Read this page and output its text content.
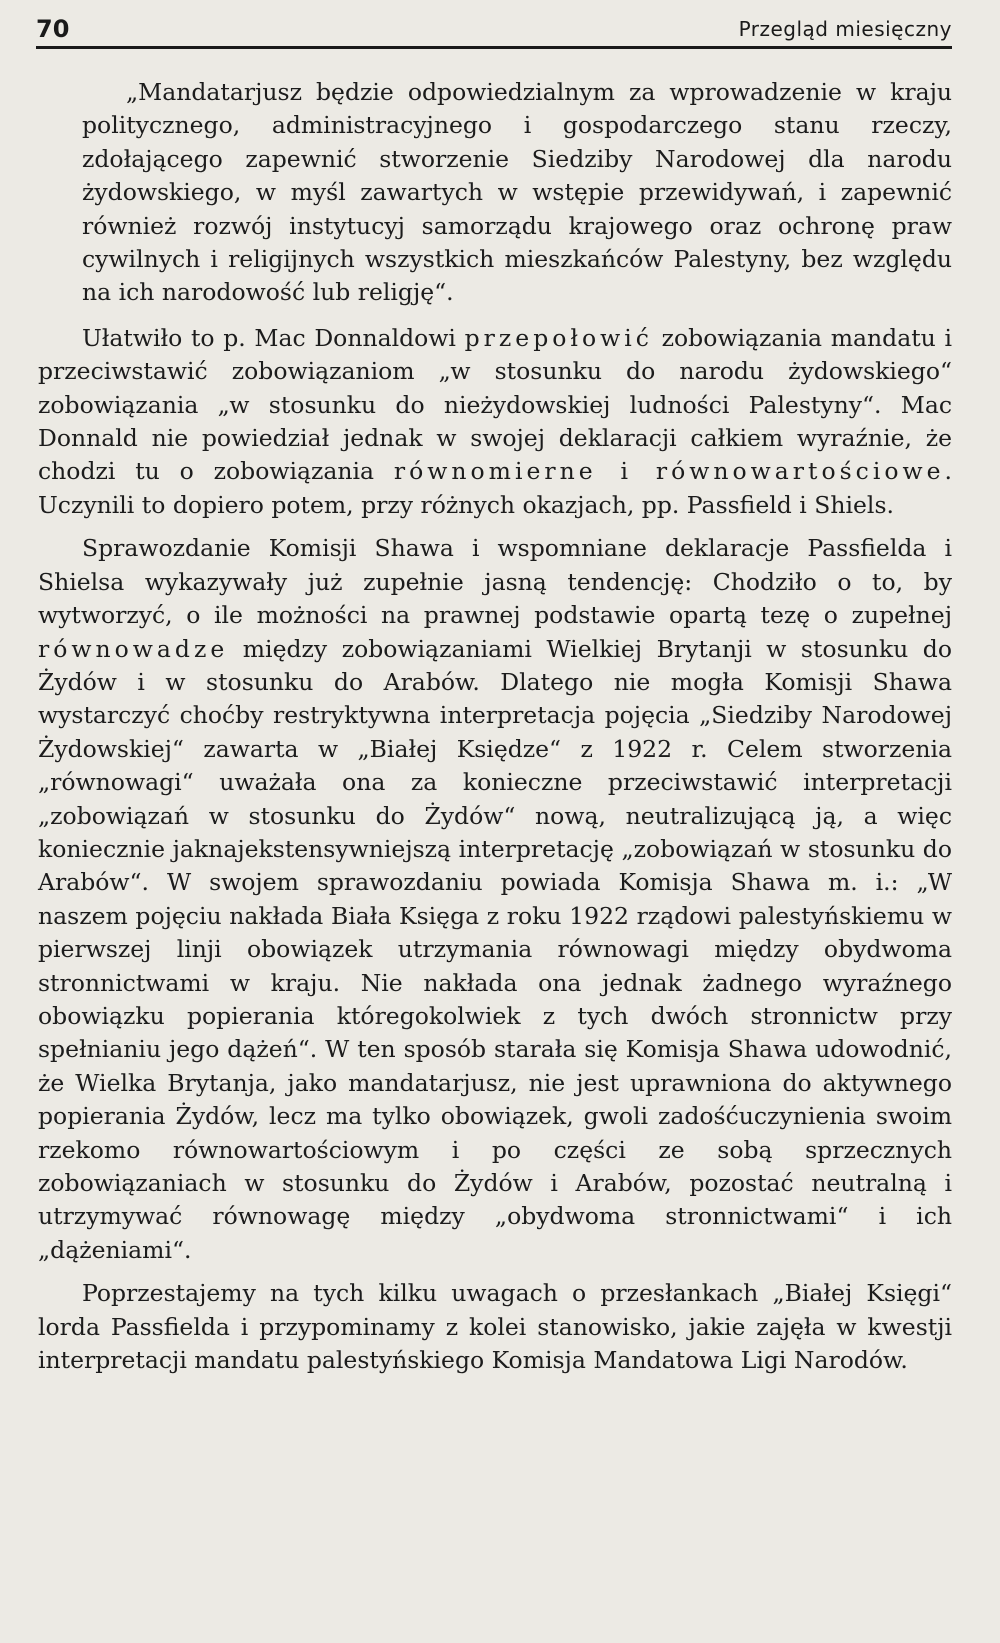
70	Przegląd miesięczny

„Mandatarjusz będzie odpowiedzialnym za wprowadzenie w kraju politycznego, administracyjnego i gospodarczego stanu rzeczy, zdołającego zapewnić stworzenie Siedziby Narodowej dla narodu żydowskiego, w myśl zawartych w wstępie przewidywań, i zapewnić również rozwój instytucyj samorządu krajowego oraz ochronę praw cywilnych i religijnych wszystkich mieszkańców Palestyny, bez względu na ich narodowość lub religję“.

Ułatwiło to p. Mac Donnaldowi przepołowić zobowiązania mandatu i przeciwstawić zobowiązaniom „w stosunku do narodu żydowskiego“ zobowiązania „w stosunku do nieżydowskiej ludności Palestyny“. Mac Donnald nie powiedział jednak w swojej deklaracji całkiem wyraźnie, że chodzi tu o zobowiązania równomierne i równowartościowe. Uczynili to dopiero potem, przy różnych okazjach, pp. Passfield i Shiels.

Sprawozdanie Komisji Shawa i wspomniane deklaracje Passfielda i Shielsa wykazywały już zupełnie jasną tendencję: Chodziło o to, by wytworzyć, o ile możności na prawnej podstawie opartą tezę o zupełnej równowadze między zobowiązaniami Wielkiej Brytanji w stosunku do Żydów i w stosunku do Arabów. Dlatego nie mogła Komisji Shawa wystarczyć choćby restryktywna interpretacja pojęcia „Siedziby Narodowej Żydowskiej“ zawarta w „Białej Księdze“ z 1922 r. Celem stworzenia „równowagi“ uważała ona za konieczne przeciwstawić interpretacji „zobowiązań w stosunku do Żydów“ nową, neutralizującą ją, a więc koniecznie jaknajekstensywniejszą interpretację „zobowiązań w stosunku do Arabów“. W swojem sprawozdaniu powiada Komisja Shawa m. i.: „W naszem pojęciu nakłada Biała Księga z roku 1922 rządowi palestyńskiemu w pierwszej linji obowiązek utrzymania równowagi między obydwoma stronnictwami w kraju. Nie nakłada ona jednak żadnego wyraźnego obowiązku popierania któregokolwiek z tych dwóch stronnictw przy spełnianiu jego dążeń“. W ten sposób starała się Komisja Shawa udowodnić, że Wielka Brytanja, jako mandatarjusz, nie jest uprawniona do aktywnego popierania Żydów, lecz ma tylko obowiązek, gwoli zadośćuczynienia swoim rzekomo równowartościowym i po części ze sobą sprzecznych zobowiązaniach w stosunku do Żydów i Arabów, pozostać neutralną i utrzymywać równowagę między „obydwoma stronnictwami“ i ich „dążeniami“.

Poprzestajemy na tych kilku uwagach o przesłankach „Białej Księgi“ lorda Passfielda i przypominamy z kolei stanowisko, jakie zajęła w kwestji interpretacji mandatu palestyńskiego Komisja Mandatowa Ligi Narodów.
